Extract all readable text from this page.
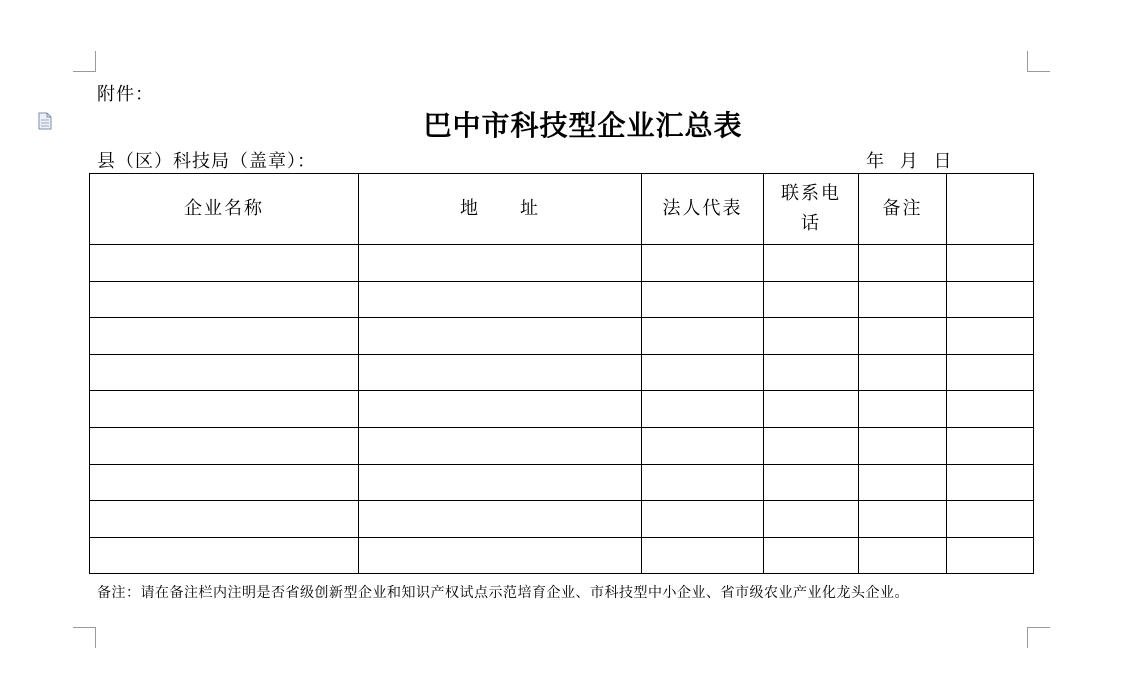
附件：
巴中市科技型企业汇总表
县（区）科技局（盖章）：	年 月 日
企业名称	地　　址	法人代表	联系电话	备注	

备注：请在备注栏内注明是否省级创新型企业和知识产权试点示范培育企业、市科技型中小企业、省市级农业产业化龙头企业。
